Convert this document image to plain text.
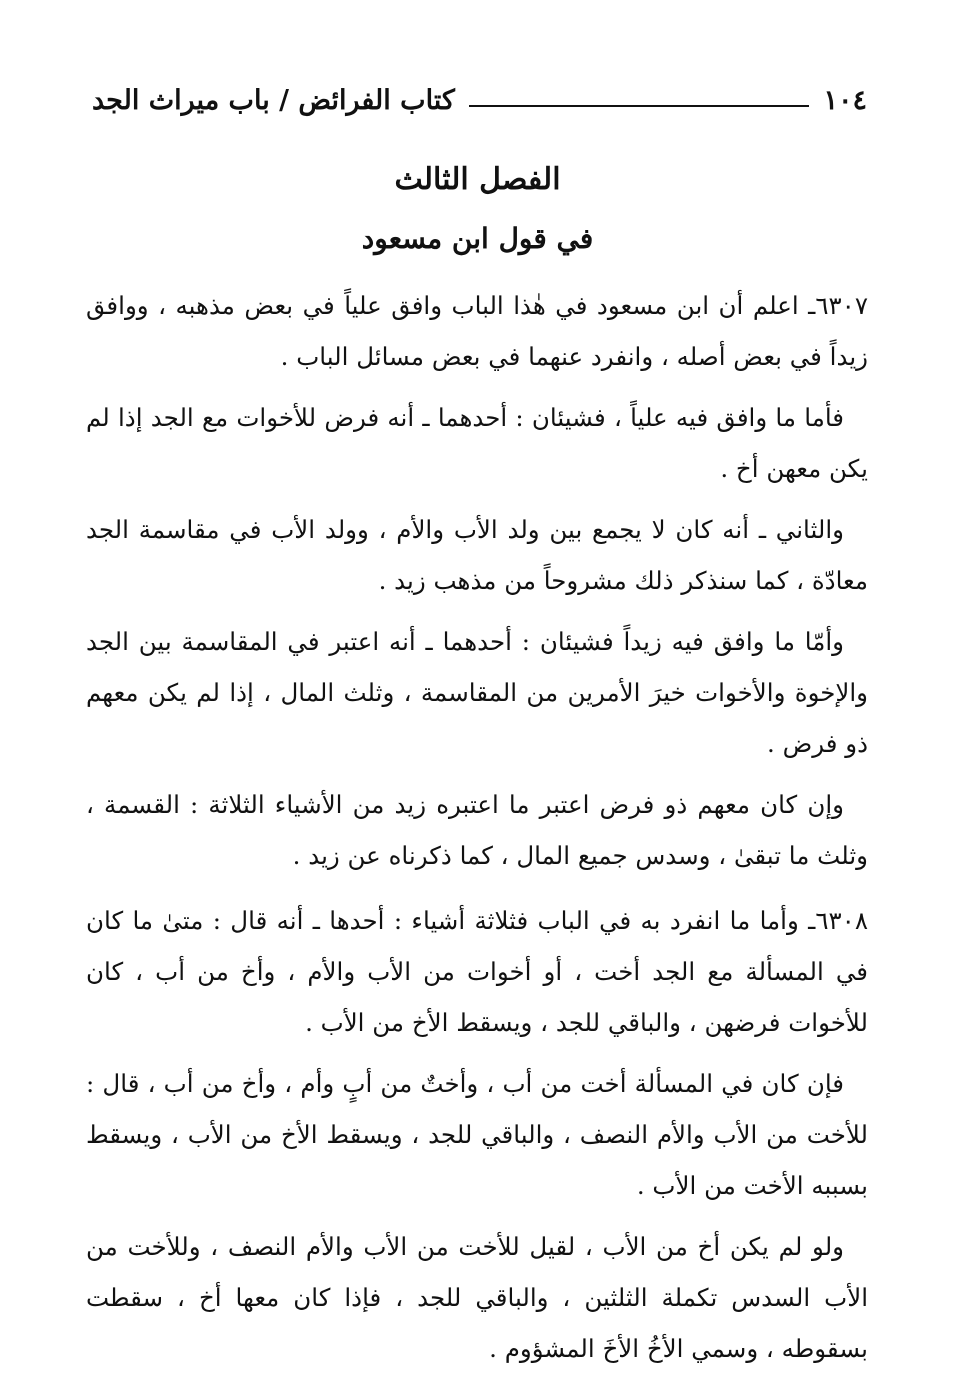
١٠٤
كتاب الفرائض / باب ميراث الجد
الفصل الثالث
في قول ابن مسعود

٦٣٠٧ـ اعلم أن ابن مسعود في هٰذا الباب وافق علياً في بعض مذهبه ، ووافق زيداً في بعض أصله ، وانفرد عنهما في بعض مسائل الباب .

فأما ما وافق فيه علياً ، فشيئان : أحدهما ـ أنه فرض للأخوات مع الجد إذا لم يكن معهن أخ .

والثاني ـ أنه كان لا يجمع بين ولد الأب والأم ، وولد الأب في مقاسمة الجد معادّة ، كما سنذكر ذلك مشروحاً من مذهب زيد .

وأمّا ما وافق فيه زيداً فشيئان : أحدهما ـ أنه اعتبر في المقاسمة بين الجد والإخوة والأخوات خيرَ الأمرين من المقاسمة ، وثلث المال ، إذا لم يكن معهم ذو فرض .

وإن كان معهم ذو فرض اعتبر ما اعتبره زيد من الأشياء الثلاثة : القسمة ، وثلث ما تبقىٰ ، وسدس جميع المال ، كما ذكرناه عن زيد .

٦٣٠٨ـ وأما ما انفرد به في الباب فثلاثة أشياء : أحدها ـ أنه قال : متىٰ ما كان في المسألة مع الجد أخت ، أو أخوات من الأب والأم ، وأخ من أب ، كان للأخوات فرضهن ، والباقي للجد ، ويسقط الأخ من الأب .

فإن كان في المسألة أخت من أب ، وأختٌ من أبٍ وأم ، وأخ من أب ، قال : للأخت من الأب والأم النصف ، والباقي للجد ، ويسقط الأخ من الأب ، ويسقط بسببه الأخت من الأب .

ولو لم يكن أخ من الأب ، لقيل للأخت من الأب والأم النصف ، وللأخت من الأب السدس تكملة الثلثين ، والباقي للجد ، فإذا كان معها أخ ، سقطت بسقوطه ، وسمي الأخُ الأخَ المشؤوم .
